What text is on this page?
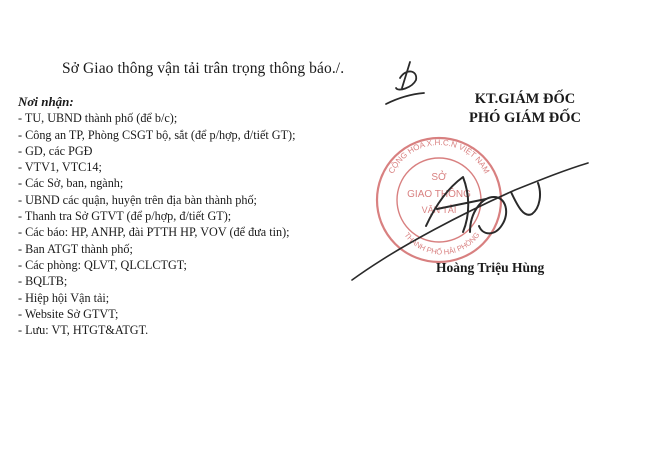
Sở Giao thông vận tải trân trọng thông báo./.
Nơi nhận:
- TU, UBND thành phố (để b/c);
- Công an TP, Phòng CSGT bộ, sắt (để p/hợp, đ/tiết GT);
- GD, các PGĐ
- VTV1, VTC14;
- Các Sở, ban, ngành;
- UBND các quận, huyện trên địa bàn thành phố;
- Thanh tra Sở GTVT (để p/hợp, đ/tiết GT);
- Các báo: HP, ANHP, đài PTTH HP, VOV (để đưa tin);
- Ban ATGT thành phố;
- Các phòng: QLVT, QLCLCTGT;
- BQLTB;
- Hiệp hội Vận tải;
- Website Sở GTVT;
- Lưu: VT, HTGT&ATGT.
KT.GIÁM ĐỐC
PHÓ GIÁM ĐỐC
CỘNG HÒA X.H.C.N VIỆT NAM
THÀNH PHỐ HẢI PHÒNG
SỞ
GIAO THÔNG
VẬN TẢI
Hoàng Triệu Hùng
